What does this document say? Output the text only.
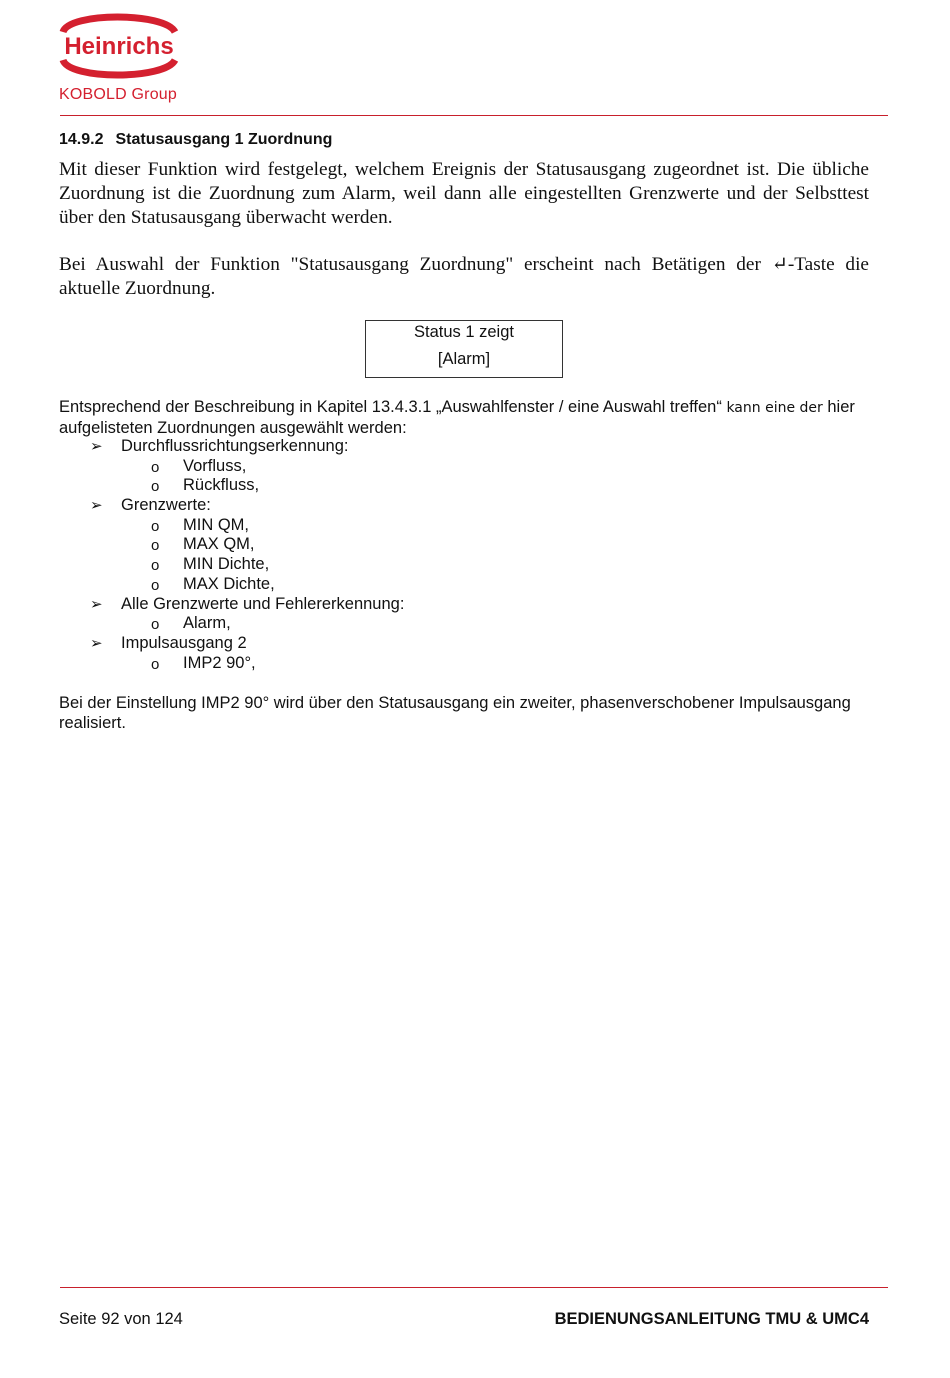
Heinrichs
KOBOLD Group
14.9.2 Statusausgang 1 Zuordnung
Mit dieser Funktion wird festgelegt, welchem Ereignis der Statusausgang zugeordnet ist. Die übliche Zuordnung ist die Zuordnung zum Alarm, weil dann alle eingestellten Grenzwerte und der Selbsttest über den Statusausgang überwacht werden.
Bei Auswahl der Funktion "Statusausgang Zuordnung" erscheint nach Betätigen der ↵-Taste die aktuelle Zuordnung.
Status 1 zeigt
[Alarm]
Entsprechend der Beschreibung in Kapitel 13.4.3.1 „Auswahlfenster / eine Auswahl treffen“ kann eine der hier aufgelisteten Zuordnungen ausgewählt werden:
➢ Durchflussrichtungserkennung:
o Vorfluss,
o Rückfluss,
➢ Grenzwerte:
o MIN QM,
o MAX QM,
o MIN Dichte,
o MAX Dichte,
➢ Alle Grenzwerte und Fehlererkennung:
o Alarm,
➢ Impulsausgang 2
o IMP2 90°,
Bei der Einstellung IMP2 90° wird über den Statusausgang ein zweiter, phasenverschobener Impulsausgang realisiert.
Seite 92 von 124	BEDIENUNGSANLEITUNG TMU & UMC4
